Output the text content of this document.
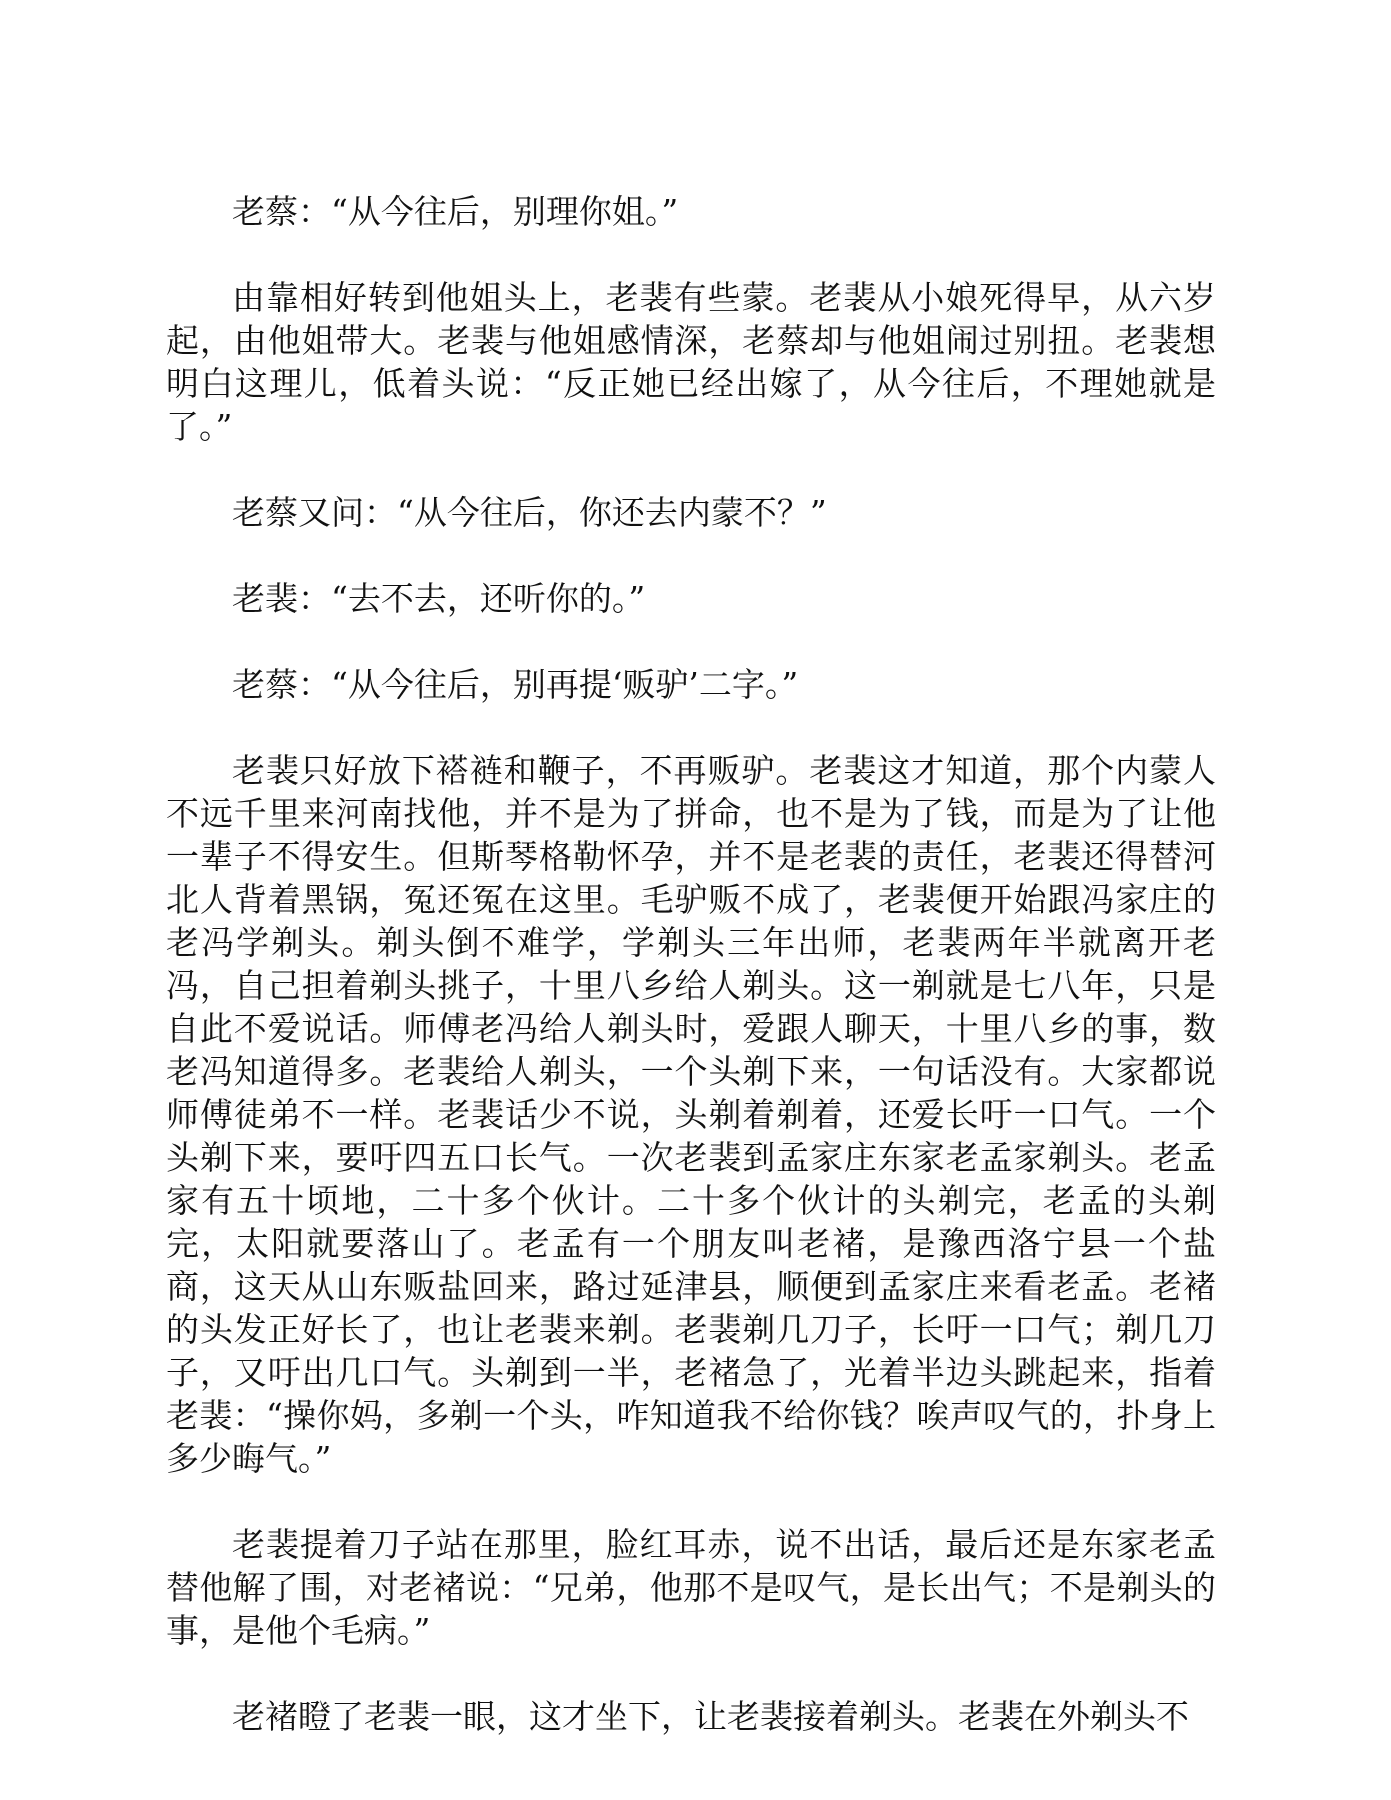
老蔡：“从今往后，别理你姐。”

由靠相好转到他姐头上，老裴有些蒙。老裴从小娘死得早，从六岁起，由他姐带大。老裴与他姐感情深，老蔡却与他姐闹过别扭。老裴想明白这理儿，低着头说：“反正她已经出嫁了，从今往后，不理她就是了。”

老蔡又问：“从今往后，你还去内蒙不？”

老裴：“去不去，还听你的。”

老蔡：“从今往后，别再提‘贩驴’二字。”

老裴只好放下褡裢和鞭子，不再贩驴。老裴这才知道，那个内蒙人不远千里来河南找他，并不是为了拼命，也不是为了钱，而是为了让他一辈子不得安生。但斯琴格勒怀孕，并不是老裴的责任，老裴还得替河北人背着黑锅，冤还冤在这里。毛驴贩不成了，老裴便开始跟冯家庄的老冯学剃头。剃头倒不难学，学剃头三年出师，老裴两年半就离开老冯，自己担着剃头挑子，十里八乡给人剃头。这一剃就是七八年，只是自此不爱说话。师傅老冯给人剃头时，爱跟人聊天，十里八乡的事，数老冯知道得多。老裴给人剃头，一个头剃下来，一句话没有。大家都说师傅徒弟不一样。老裴话少不说，头剃着剃着，还爱长吁一口气。一个头剃下来，要吁四五口长气。一次老裴到孟家庄东家老孟家剃头。老孟家有五十顷地，二十多个伙计。二十多个伙计的头剃完，老孟的头剃完，太阳就要落山了。老孟有一个朋友叫老褚，是豫西洛宁县一个盐商，这天从山东贩盐回来，路过延津县，顺便到孟家庄来看老孟。老褚的头发正好长了，也让老裴来剃。老裴剃几刀子，长吁一口气；剃几刀子，又吁出几口气。头剃到一半，老褚急了，光着半边头跳起来，指着老裴：“操你妈，多剃一个头，咋知道我不给你钱？唉声叹气的，扑身上多少晦气。”

老裴提着刀子站在那里，脸红耳赤，说不出话，最后还是东家老孟替他解了围，对老褚说：“兄弟，他那不是叹气，是长出气；不是剃头的事，是他个毛病。”

老褚瞪了老裴一眼，这才坐下，让老裴接着剃头。老裴在外剃头不
